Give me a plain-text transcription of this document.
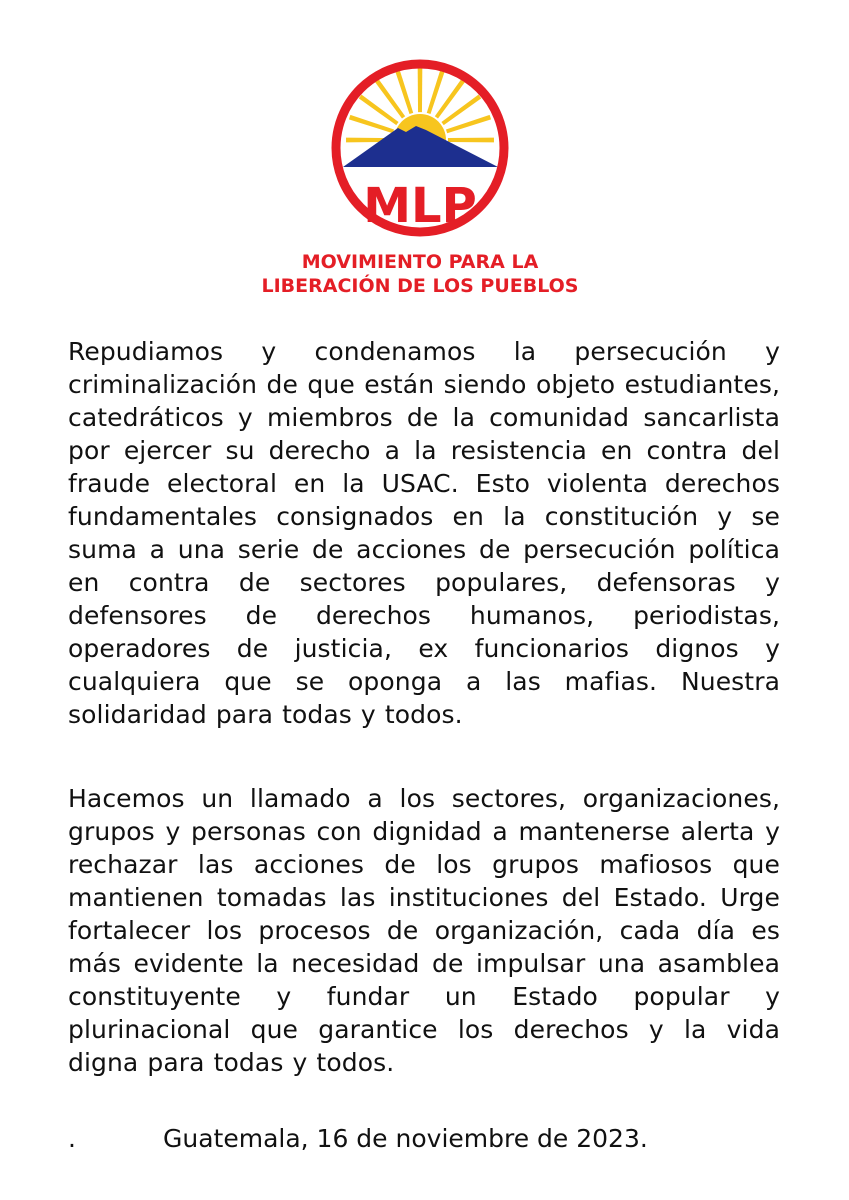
MLP
MOVIMIENTO PARA LA
LIBERACIÓN DE LOS PUEBLOS

Repudiamos y condenamos la persecución y criminalización de que están siendo objeto estudiantes, catedráticos y miembros de la comunidad sancarlista por ejercer su derecho a la resistencia en contra del fraude electoral en la USAC. Esto violenta derechos fundamentales consignados en la constitución y se suma a una serie de acciones de persecución política en contra de sectores populares, defensoras y defensores de derechos humanos, periodistas, operadores de justicia, ex funcionarios dignos y cualquiera que se oponga a las mafias. Nuestra solidaridad para todas y todos.

Hacemos un llamado a los sectores, organizaciones, grupos y personas con dignidad a mantenerse alerta y rechazar las acciones de los grupos mafiosos que mantienen tomadas las instituciones del Estado. Urge fortalecer los procesos de organización, cada día es más evidente la necesidad de impulsar una asamblea constituyente y fundar un Estado popular y plurinacional que garantice los derechos y la vida digna para todas y todos.

.	Guatemala, 16 de noviembre de 2023.
